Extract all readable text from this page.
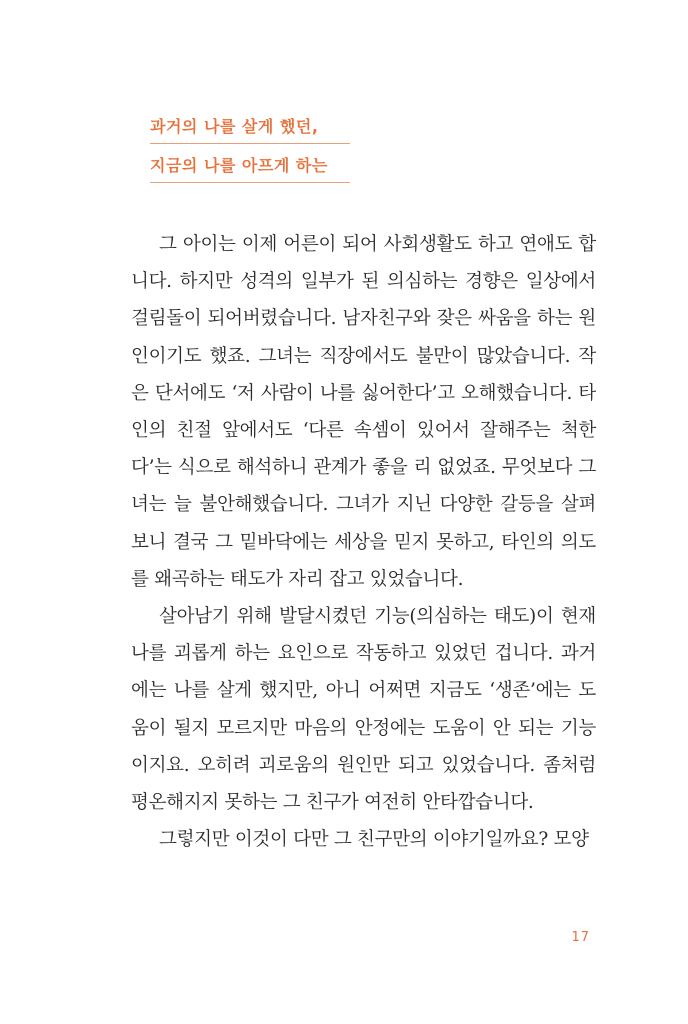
과거의 나를 살게 했던,
지금의 나를 아프게 하는

그 아이는 이제 어른이 되어 사회생활도 하고 연애도 합니다. 하지만 성격의 일부가 된 의심하는 경향은 일상에서 걸림돌이 되어버렸습니다. 남자친구와 잦은 싸움을 하는 원인이기도 했죠. 그녀는 직장에서도 불만이 많았습니다. 작은 단서에도 ‘저 사람이 나를 싫어한다’고 오해했습니다. 타인의 친절 앞에서도 ‘다른 속셈이 있어서 잘해주는 척한다’는 식으로 해석하니 관계가 좋을 리 없었죠. 무엇보다 그녀는 늘 불안해했습니다. 그녀가 지닌 다양한 갈등을 살펴보니 결국 그 밑바닥에는 세상을 믿지 못하고, 타인의 의도를 왜곡하는 태도가 자리 잡고 있었습니다.

살아남기 위해 발달시켰던 기능(의심하는 태도)이 현재 나를 괴롭게 하는 요인으로 작동하고 있었던 겁니다. 과거에는 나를 살게 했지만, 아니 어쩌면 지금도 ‘생존’에는 도움이 될지 모르지만 마음의 안정에는 도움이 안 되는 기능이지요. 오히려 괴로움의 원인만 되고 있었습니다. 좀처럼 평온해지지 못하는 그 친구가 여전히 안타깝습니다.

그렇지만 이것이 다만 그 친구만의 이야기일까요? 모양

17
